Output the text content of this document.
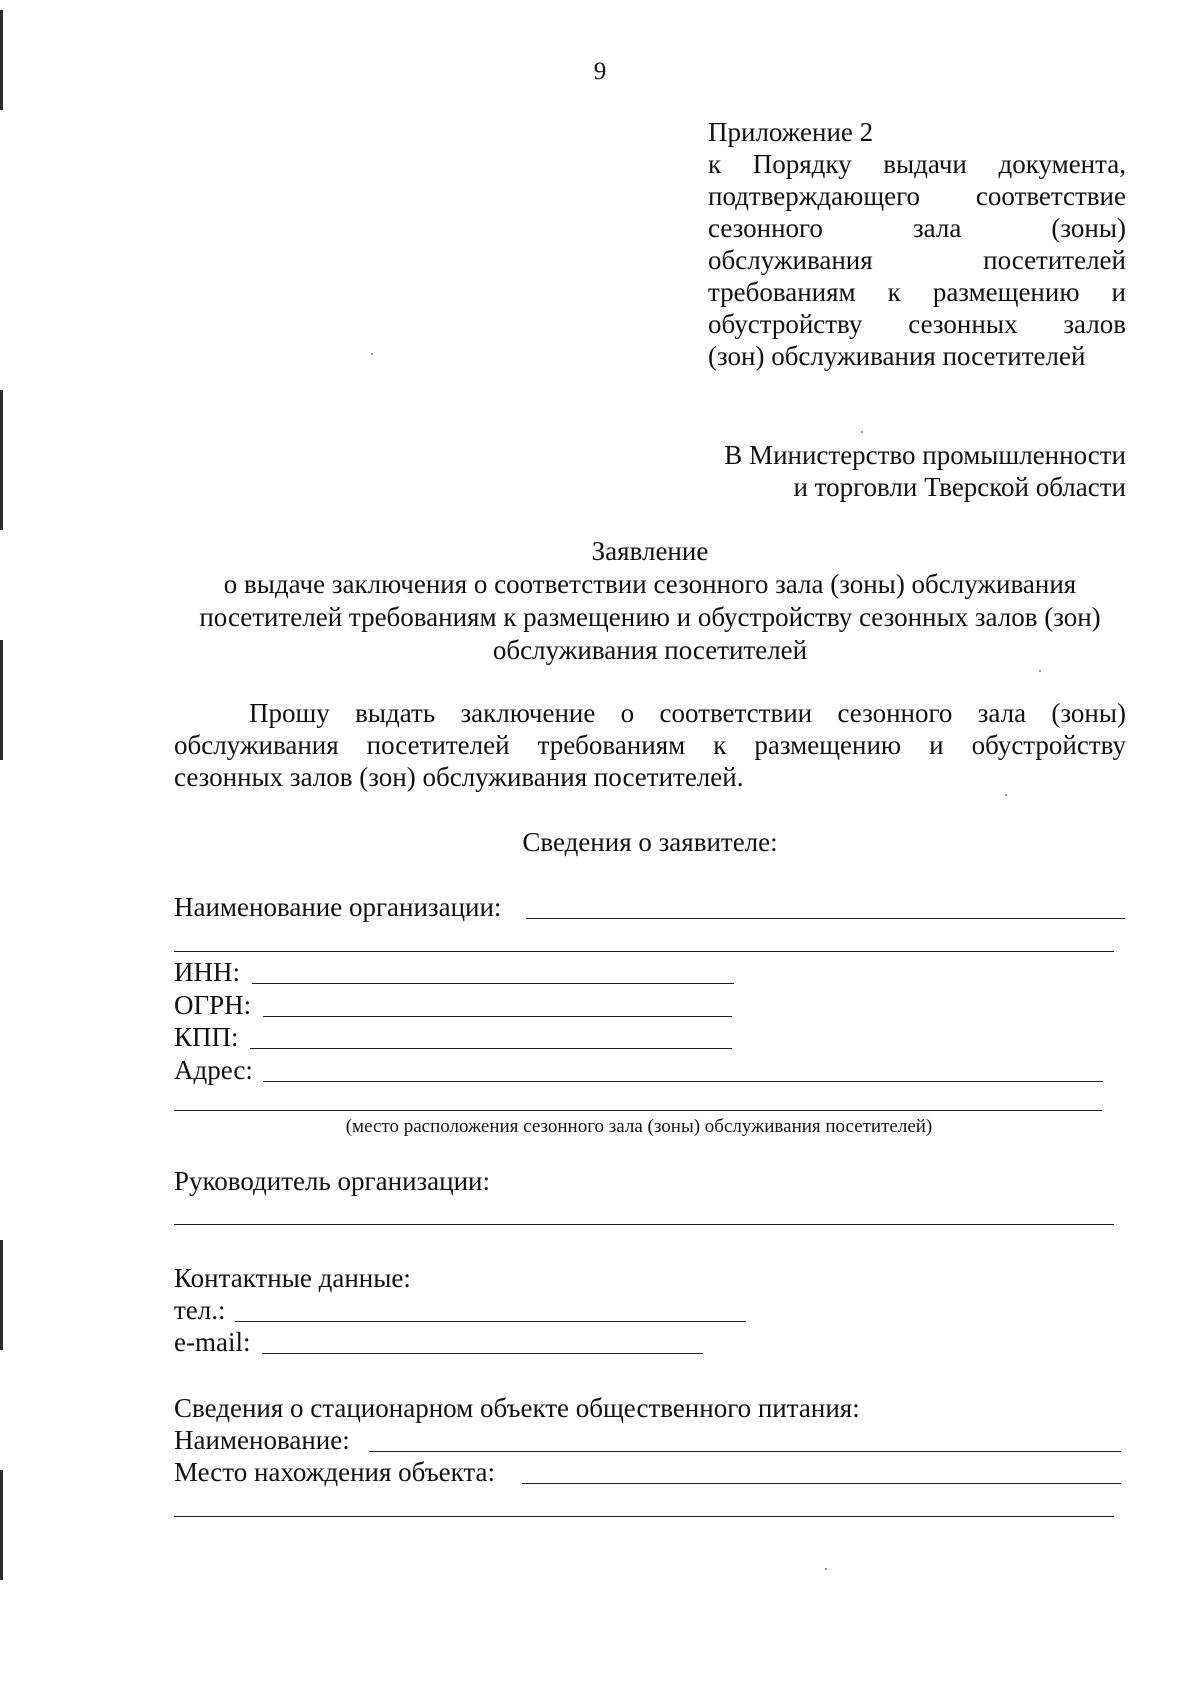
9
Приложение 2
к Порядку выдачи документа,
подтверждающего соответствие
сезонного зала (зоны)
обслуживания посетителей
требованиям к размещению и
обустройству сезонных залов
(зон) обслуживания посетителей
В Министерство промышленности
и торговли Тверской области
Заявление
о выдаче заключения о соответствии сезонного зала (зоны) обслуживания
посетителей требованиям к размещению и обустройству сезонных залов (зон)
обслуживания посетителей
Прошу выдать заключение о соответствии сезонного зала (зоны)
обслуживания посетителей требованиям к размещению и обустройству
сезонных залов (зон) обслуживания посетителей.
Сведения о заявителе:
Наименование организации:
ИНН:
ОГРН:
КПП:
Адрес:
(место расположения сезонного зала (зоны) обслуживания посетителей)
Руководитель организации:
Контактные данные:
тел.:
e-mail:
Сведения о стационарном объекте общественного питания:
Наименование:
Место нахождения объекта:
